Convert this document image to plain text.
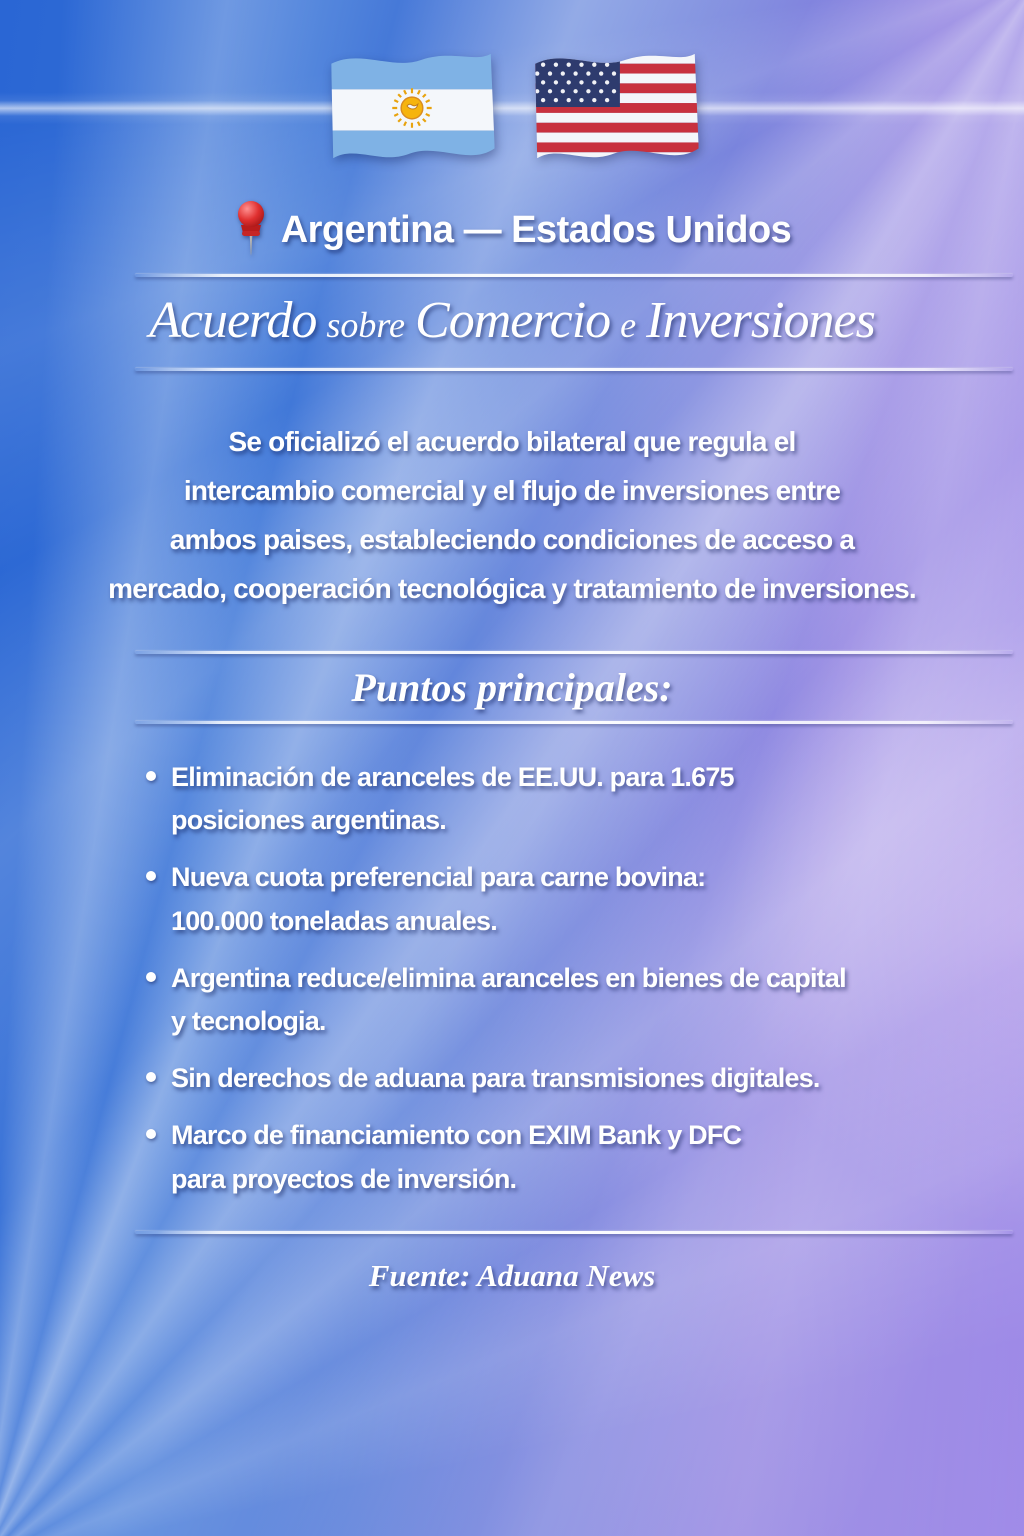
Argentina — Estados Unidos
Acuerdo sobre Comercio e Inversiones
Se oficializó el acuerdo bilateral que regula el
intercambio comercial y el flujo de inversiones entre
ambos paises, estableciendo condiciones de acceso a
mercado, cooperación tecnológica y tratamiento de inversiones.
Puntos principales:
Eliminación de aranceles de EE.UU. para 1.675
posiciones argentinas.
Nueva cuota preferencial para carne bovina:
100.000 toneladas anuales.
Argentina reduce/elimina aranceles en bienes de capital
y tecnologia.
Sin derechos de aduana para transmisiones digitales.
Marco de financiamiento con EXIM Bank y DFC
para proyectos de inversión.
Fuente: Aduana News
